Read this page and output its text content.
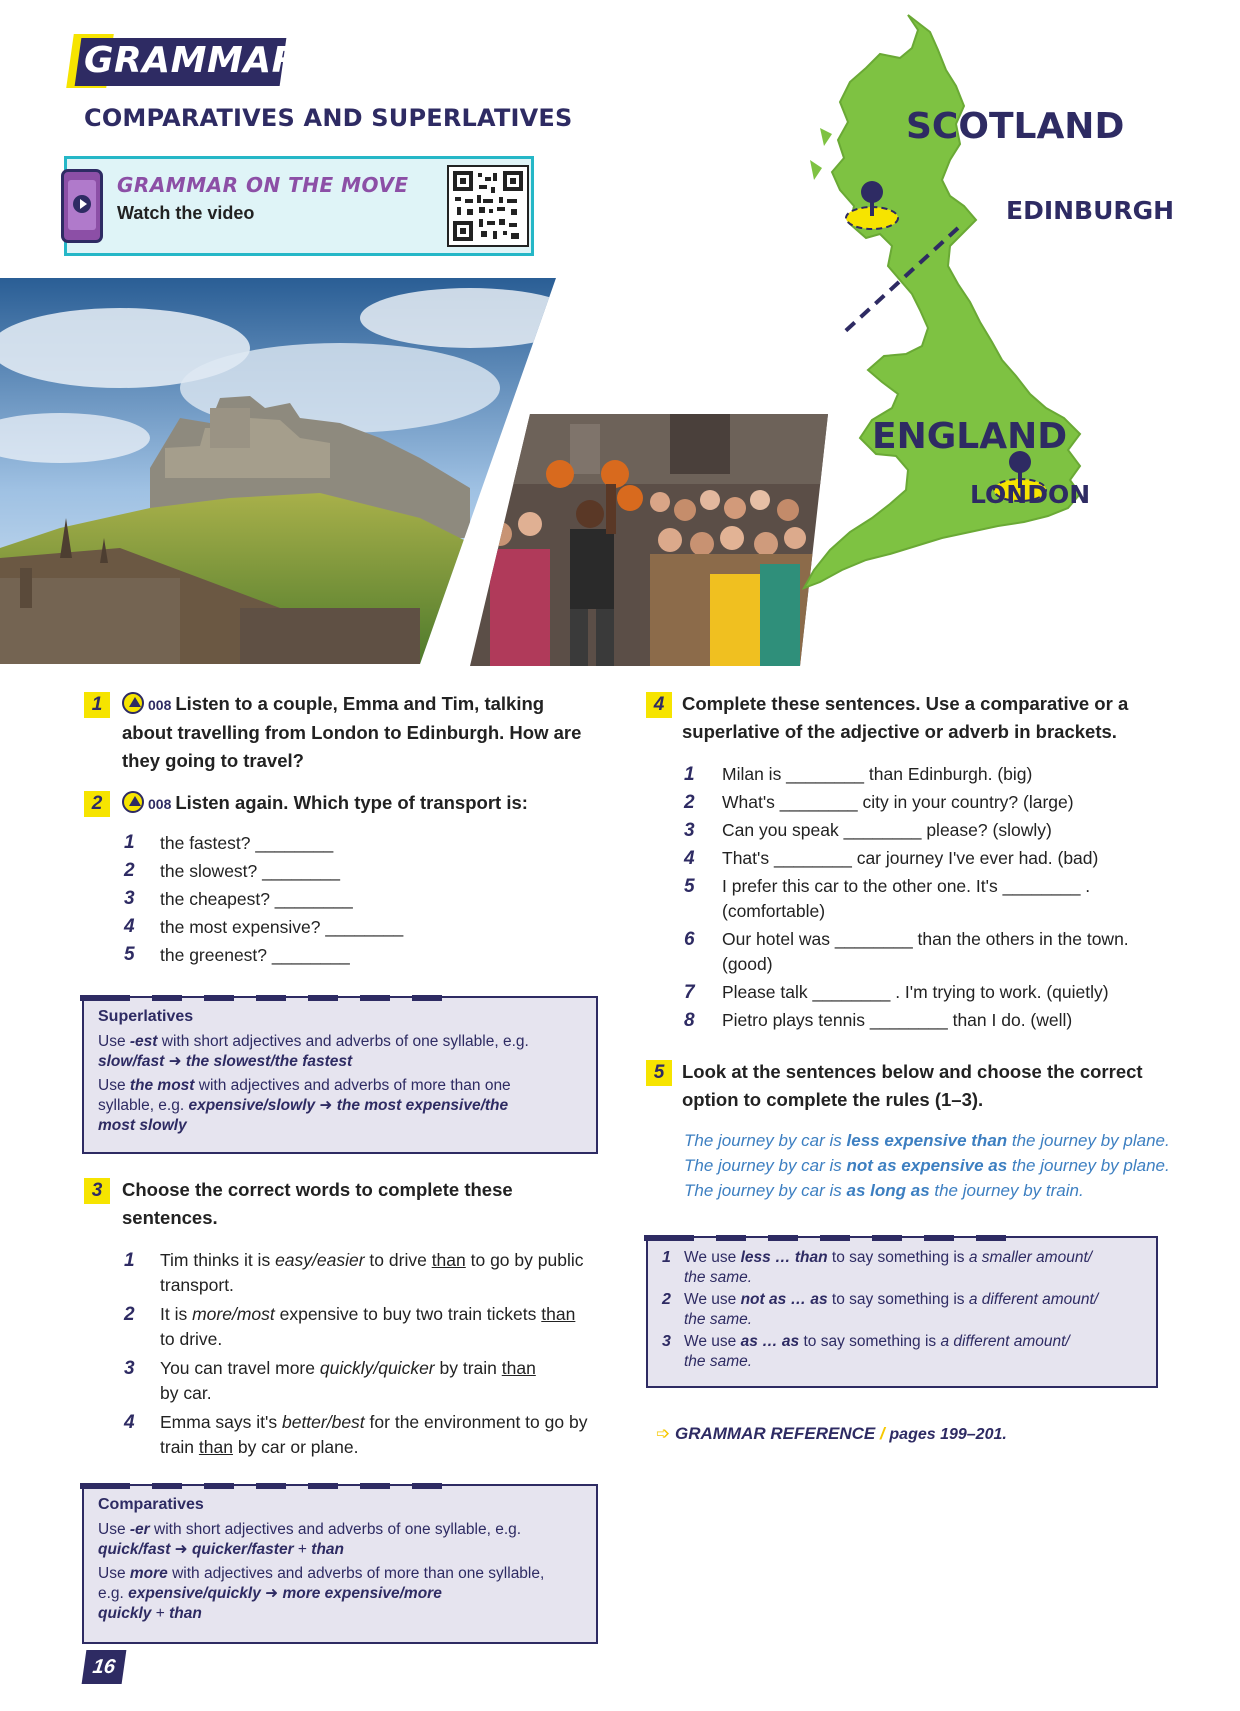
GRAMMAR
COMPARATIVES AND SUPERLATIVES
GRAMMAR ON THE MOVE
Watch the video
SCOTLAND
EDINBURGH
ENGLAND
LONDON
1	008 Listen to a couple, Emma and Tim, talking
about travelling from London to Edinburgh. How are
they going to travel?
2	008 Listen again. Which type of transport is:
1 the fastest? ________
2 the slowest? ________
3 the cheapest? ________
4 the most expensive? ________
5 the greenest? ________
Superlatives
Use -est with short adjectives and adverbs of one syllable, e.g.
slow/fast ➜ the slowest/the fastest
Use the most with adjectives and adverbs of more than one
syllable, e.g. expensive/slowly ➜ the most expensive/the
most slowly
3	Choose the correct words to complete these
sentences.
1 Tim thinks it is easy/easier to drive than to go by public
transport.
2 It is more/most expensive to buy two train tickets than
to drive.
3 You can travel more quickly/quicker by train than
by car.
4 Emma says it's better/best for the environment to go by
train than by car or plane.
Comparatives
Use -er with short adjectives and adverbs of one syllable, e.g.
quick/fast ➜ quicker/faster + than
Use more with adjectives and adverbs of more than one syllable,
e.g. expensive/quickly ➜ more expensive/more
quickly + than
4 Complete these sentences. Use a comparative or a
superlative of the adjective or adverb in brackets.
1 Milan is ________ than Edinburgh. (big)
2 What's ________ city in your country? (large)
3 Can you speak ________ please? (slowly)
4 That's ________ car journey I've ever had. (bad)
5 I prefer this car to the other one. It's ________ .
(comfortable)
6 Our hotel was ________ than the others in the town.
(good)
7 Please talk ________ . I'm trying to work. (quietly)
8 Pietro plays tennis ________ than I do. (well)
5 Look at the sentences below and choose the correct
option to complete the rules (1–3).
The journey by car is less expensive than the journey by plane.
The journey by car is not as expensive as the journey by plane.
The journey by car is as long as the journey by train.
1 We use less … than to say something is a smaller amount/
the same.
2 We use not as … as to say something is a different amount/
the same.
3 We use as … as to say something is a different amount/
the same.
➩ GRAMMAR REFERENCE / pages 199–201.
16
